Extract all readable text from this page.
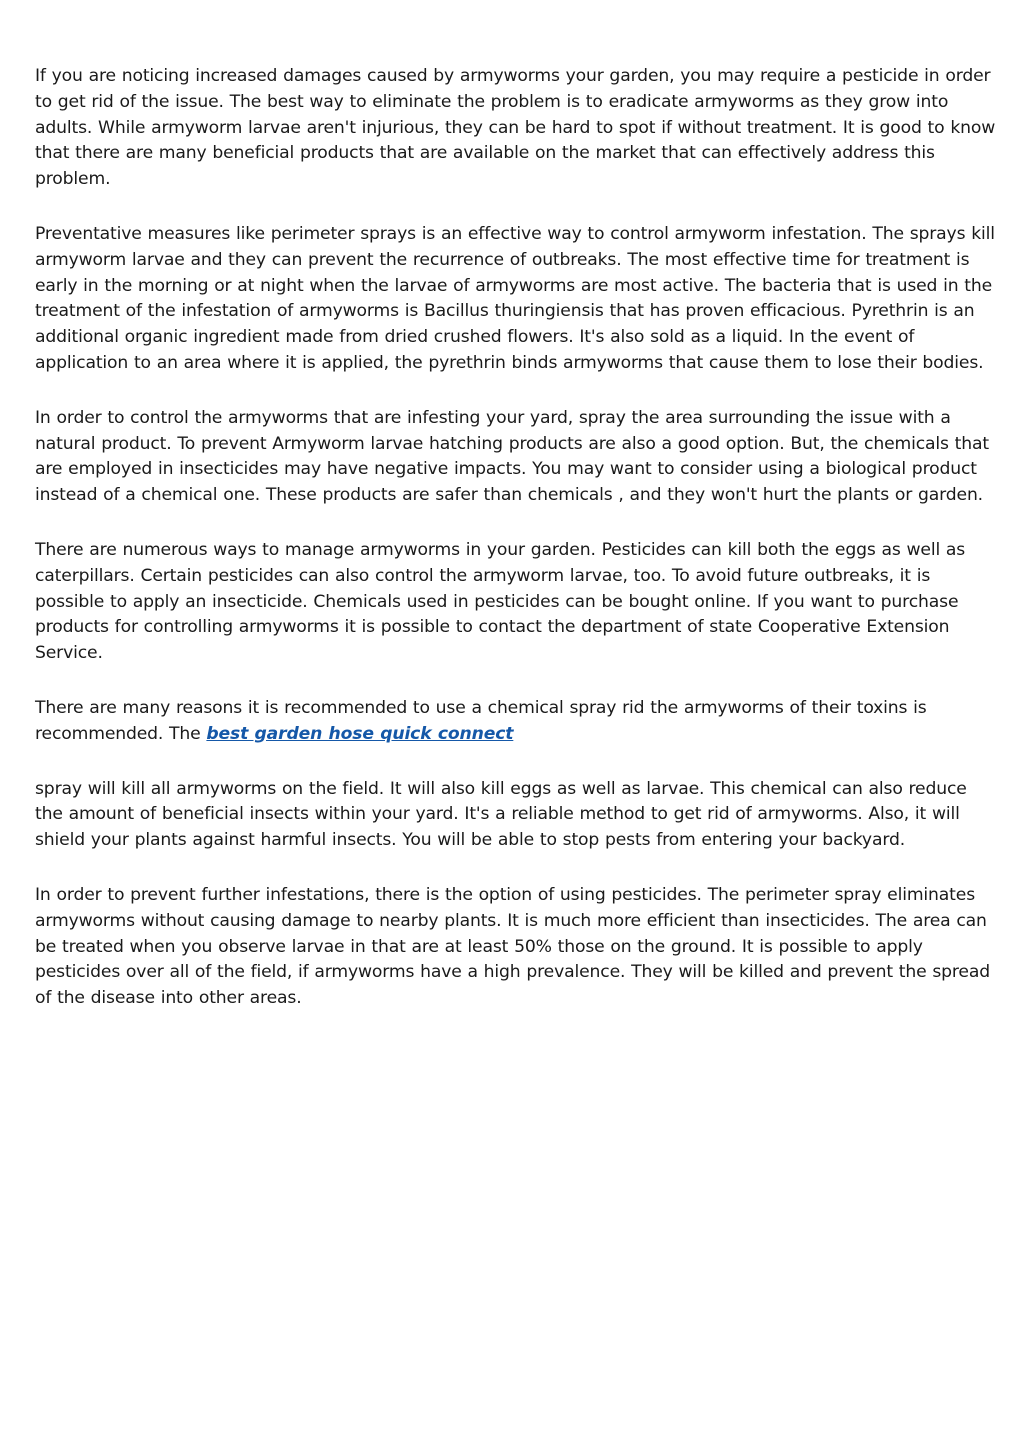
If you are noticing increased damages caused by armyworms your garden, you may require a pesticide in order to get rid of the issue. The best way to eliminate the problem is to eradicate armyworms as they grow into adults. While armyworm larvae aren't injurious, they can be hard to spot if without treatment. It is good to know that there are many beneficial products that are available on the market that can effectively address this problem.

Preventative measures like perimeter sprays is an effective way to control armyworm infestation. The sprays kill armyworm larvae and they can prevent the recurrence of outbreaks. The most effective time for treatment is early in the morning or at night when the larvae of armyworms are most active. The bacteria that is used in the treatment of the infestation of armyworms is Bacillus thuringiensis that has proven efficacious. Pyrethrin is an additional organic ingredient made from dried crushed flowers. It's also sold as a liquid. In the event of application to an area where it is applied, the pyrethrin binds armyworms that cause them to lose their bodies.

In order to control the armyworms that are infesting your yard, spray the area surrounding the issue with a natural product. To prevent Armyworm larvae hatching products are also a good option. But, the chemicals that are employed in insecticides may have negative impacts. You may want to consider using a biological product instead of a chemical one. These products are safer than chemicals , and they won't hurt the plants or garden.

There are numerous ways to manage armyworms in your garden. Pesticides can kill both the eggs as well as caterpillars. Certain pesticides can also control the armyworm larvae, too. To avoid future outbreaks, it is possible to apply an insecticide. Chemicals used in pesticides can be bought online. If you want to purchase products for controlling armyworms it is possible to contact the department of state Cooperative Extension Service.

There are many reasons it is recommended to use a chemical spray rid the armyworms of their toxins is recommended. The best garden hose quick connect

spray will kill all armyworms on the field. It will also kill eggs as well as larvae. This chemical can also reduce the amount of beneficial insects within your yard. It's a reliable method to get rid of armyworms. Also, it will shield your plants against harmful insects. You will be able to stop pests from entering your backyard.

In order to prevent further infestations, there is the option of using pesticides. The perimeter spray eliminates armyworms without causing damage to nearby plants. It is much more efficient than insecticides. The area can be treated when you observe larvae in that are at least 50% those on the ground. It is possible to apply pesticides over all of the field, if armyworms have a high prevalence. They will be killed and prevent the spread of the disease into other areas.
